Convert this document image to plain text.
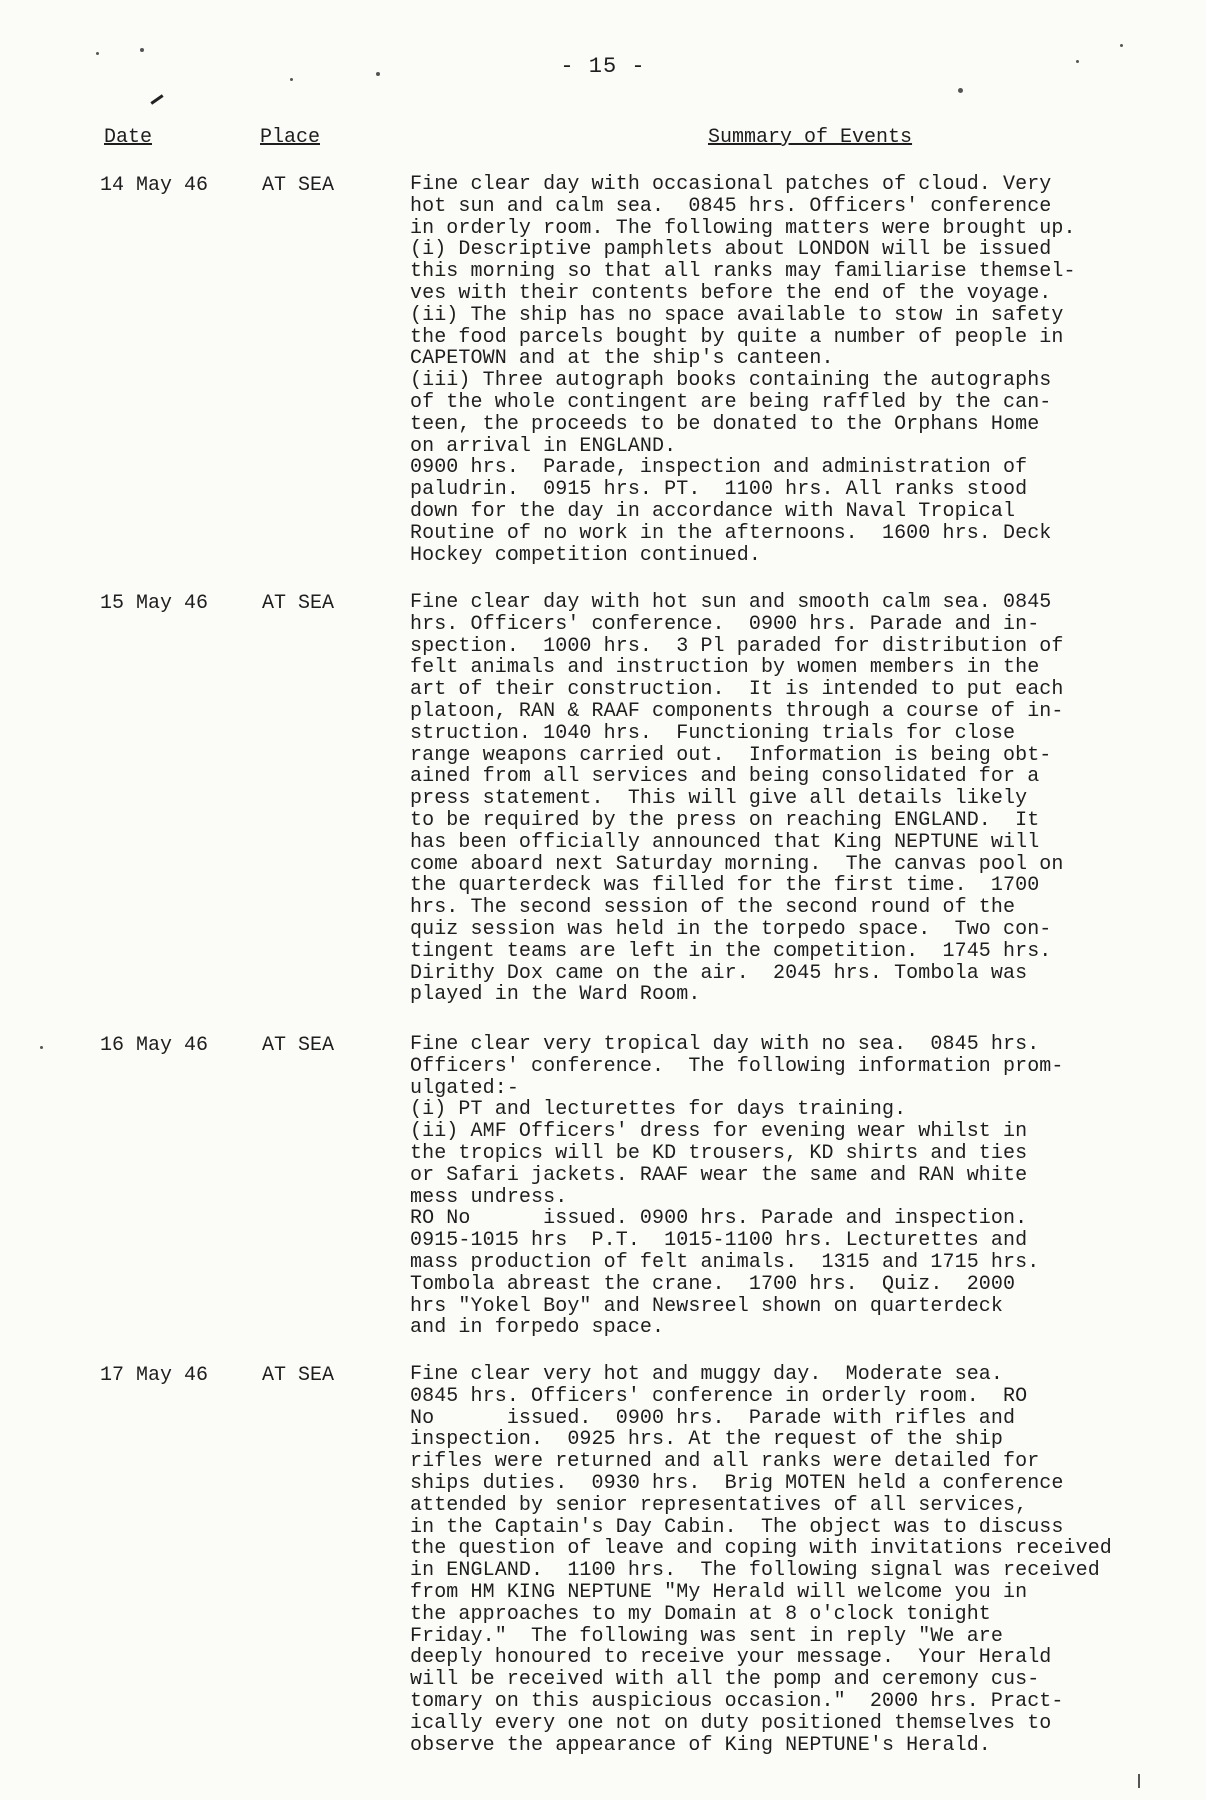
- 15 -
Date	Place	Summary of Events
14 May 46	AT SEA	Fine clear day with occasional patches of cloud. Very
hot sun and calm sea.  0845 hrs. Officers' conference
in orderly room. The following matters were brought up.
(i) Descriptive pamphlets about LONDON will be issued
this morning so that all ranks may familiarise themsel-
ves with their contents before the end of the voyage.
(ii) The ship has no space available to stow in safety
the food parcels bought by quite a number of people in
CAPETOWN and at the ship's canteen.
(iii) Three autograph books containing the autographs
of the whole contingent are being raffled by the can-
teen, the proceeds to be donated to the Orphans Home
on arrival in ENGLAND.
0900 hrs.  Parade, inspection and administration of
paludrin.  0915 hrs. PT.  1100 hrs. All ranks stood
down for the day in accordance with Naval Tropical
Routine of no work in the afternoons.  1600 hrs. Deck
Hockey competition continued.
15 May 46	AT SEA	Fine clear day with hot sun and smooth calm sea. 0845
hrs. Officers' conference.  0900 hrs. Parade and in-
spection.  1000 hrs.  3 Pl paraded for distribution of
felt animals and instruction by women members in the
art of their construction.  It is intended to put each
platoon, RAN & RAAF components through a course of in-
struction. 1040 hrs.  Functioning trials for close
range weapons carried out.  Information is being obt-
ained from all services and being consolidated for a
press statement.  This will give all details likely
to be required by the press on reaching ENGLAND.  It
has been officially announced that King NEPTUNE will
come aboard next Saturday morning.  The canvas pool on
the quarterdeck was filled for the first time.  1700
hrs. The second session of the second round of the
quiz session was held in the torpedo space.  Two con-
tingent teams are left in the competition.  1745 hrs.
Dirithy Dox came on the air.  2045 hrs. Tombola was
played in the Ward Room.
16 May 46	AT SEA	Fine clear very tropical day with no sea.  0845 hrs.
Officers' conference.  The following information prom-
ulgated:-
(i) PT and lecturettes for days training.
(ii) AMF Officers' dress for evening wear whilst in
the tropics will be KD trousers, KD shirts and ties
or Safari jackets. RAAF wear the same and RAN white
mess undress.
RO No      issued. 0900 hrs. Parade and inspection.
0915-1015 hrs  P.T.  1015-1100 hrs. Lecturettes and
mass production of felt animals.  1315 and 1715 hrs.
Tombola abreast the crane.  1700 hrs.  Quiz.  2000
hrs "Yokel Boy" and Newsreel shown on quarterdeck
and in forpedo space.
17 May 46	AT SEA	Fine clear very hot and muggy day.  Moderate sea.
0845 hrs. Officers' conference in orderly room.  RO
No      issued.  0900 hrs.  Parade with rifles and
inspection.  0925 hrs. At the request of the ship
rifles were returned and all ranks were detailed for
ships duties.  0930 hrs.  Brig MOTEN held a conference
attended by senior representatives of all services,
in the Captain's Day Cabin.  The object was to discuss
the question of leave and coping with invitations received
in ENGLAND.  1100 hrs.  The following signal was received
from HM KING NEPTUNE "My Herald will welcome you in
the approaches to my Domain at 8 o'clock tonight
Friday."  The following was sent in reply "We are
deeply honoured to receive your message.  Your Herald
will be received with all the pomp and ceremony cus-
tomary on this auspicious occasion."  2000 hrs. Pract-
ically every one not on duty positioned themselves to
observe the appearance of King NEPTUNE's Herald.
